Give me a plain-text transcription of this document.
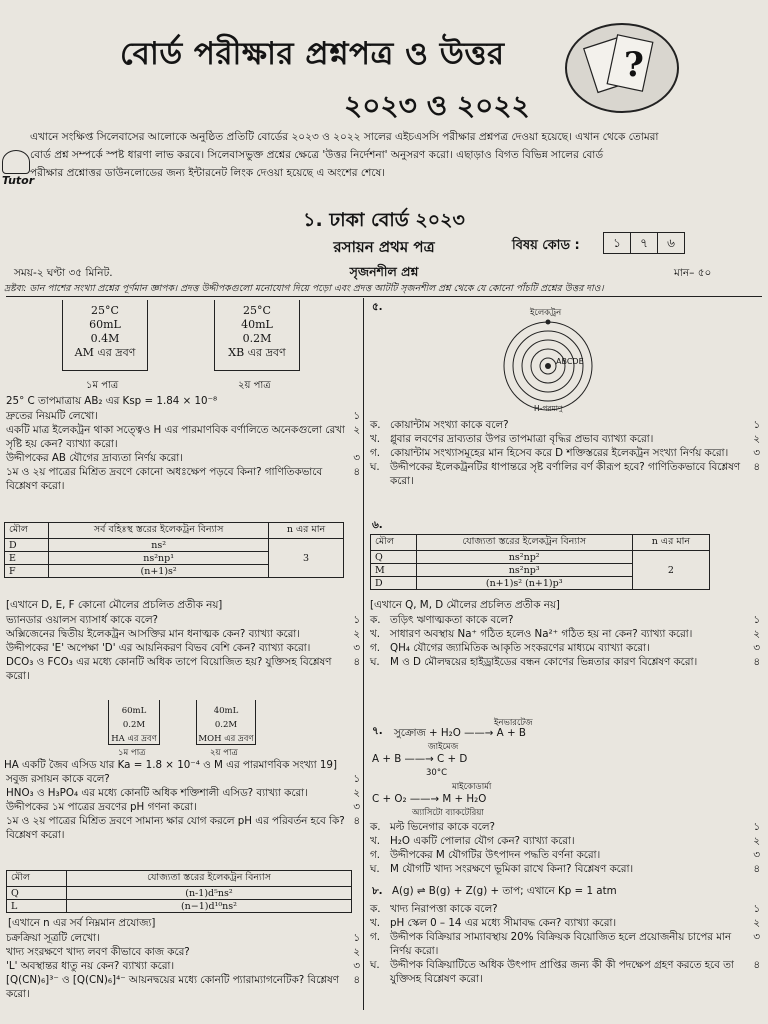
বোর্ড পরীক্ষার প্রশ্নপত্র ও উত্তর
২০২৩ ও ২০২২
?
Tutor
এখানে সংক্ষিপ্ত সিলেবাসের আলোকে অনুষ্ঠিত প্রতিটি বোর্ডের ২০২৩ ও ২০২২ সালের এইচএসসি পরীক্ষার প্রশ্নপত্র দেওয়া হয়েছে। এখান থেকে তোমরা
বোর্ড প্রশ্ন সম্পর্কে স্পষ্ট ধারণা লাভ করবে। সিলেবাসভুক্ত প্রশ্নের ক্ষেত্রে 'উত্তর নির্দেশনা' অনুসরণ করো। এছাড়াও বিগত বিভিন্ন সালের বোর্ড
পরীক্ষার প্রশ্নোত্তর ডাউনলোডের জন্য ইন্টারনেট লিংক দেওয়া হয়েছে এ অংশের শেষে।
১. ঢাকা বোর্ড ২০২৩
রসায়ন প্রথম পত্র	বিষয় কোড :	১	৭	৬
সৃজনশীল প্রশ্ন
সময়-২ ঘণ্টা ৩৫ মিনিট.	মান– ৫০
দ্রষ্টব্য: ডান পাশের সংখ্যা প্রশ্নের পূর্ণমান জ্ঞাপক। প্রদত্ত উদ্দীপকগুলো মনোযোগ দিয়ে পড়ো এবং প্রদত্ত আটটি সৃজনশীল প্রশ্ন থেকে যে কোনো পাঁচটি প্রশ্নের উত্তর দাও।
25°C
60mL
0.4M
AM এর দ্রবণ
১ম পাত্র
25°C
40mL
0.2M
XB এর দ্রবণ
২য় পাত্র
25° C তাপমাত্রায় AB₂ এর Ksp = 1.84 × 10⁻⁸
দ্রুতের নিয়মটি লেখো।	১
একটি মাত্র ইলেকট্রন থাকা সত্ত্বেও H এর পারমাণবিক বর্ণালিতে অনেকগুলো রেখা সৃষ্টি হয় কেন? ব্যাখ্যা করো।
২
উদ্দীপকের AB যৌগের দ্রাব্যতা নির্ণয় করো।	৩
১ম ও ২য় পাত্রের মিশ্রিত দ্রবণে কোনো অধঃক্ষেপ পড়বে কিনা? গাণিতিকভাবে বিশ্লেষণ করো।
৪
মৌল	সর্ব বহিঃস্থ স্তরের ইলেকট্রন বিন্যাস	n এর মান
D	ns²	3
E	ns²np¹	
F	(n+1)s²	
[এখানে D, E, F কোনো মৌলের প্রচলিত প্রতীক নয়]
ভ্যানডার ওয়ালস ব্যাসার্ধ কাকে বলে?	১
অক্সিজেনের দ্বিতীয় ইলেকট্রন আসক্তির মান ধনাত্মক কেন? ব্যাখ্যা করো।	২
উদ্দীপকের 'E' অপেক্ষা 'D' এর আয়নিকরণ বিভব বেশি কেন? ব্যাখ্যা করো।	৩
DCO₃ ও FCO₃ এর মধ্যে কোনটি অধিক তাপে বিয়োজিত হয়? যুক্তিসহ বিশ্লেষণ করো।
৪
60mL
0.2M
HA এর দ্রবণ
১ম পাত্র
40mL
0.2M
MOH এর দ্রবণ
২য় পাত্র
HA একটি জৈব এসিড যার Ka = 1.8 × 10⁻⁴ ও M এর পারমাণবিক সংখ্যা 19]
সবুজ রসায়ন কাকে বলে?	১
HNO₃ ও H₃PO₄ এর মধ্যে কোনটি অধিক শক্তিশালী এসিড? ব্যাখ্যা করো।	২
উদ্দীপকের ১ম পাত্রের দ্রবণের pH গণনা করো।	৩
১ম ও ২য় পাত্রের মিশ্রিত দ্রবণে সামান্য ক্ষার যোগ করলে pH এর পরিবর্তন হবে কি? বিশ্লেষণ করো।
৪
মৌল	যোজ্যতা স্তরের ইলেকট্রন বিন্যাস
Q	(n-1)d⁵ns²
L	(n−1)d¹⁰ns²
[এখানে n এর সর্ব নিম্নমান প্রযোজ্য]
চক্রক্রিয়া সূত্রটি লেখো।	১
খাদ্য সংরক্ষণে খাদ্য লবণ কীভাবে কাজ করে?	২
'L' অবস্থান্তর ধাতু নয় কেন? ব্যাখ্যা করো।	৩
[Q(CN)₆]³⁻ ও [Q(CN)₆]⁴⁻ আয়নদ্বয়ের মধ্যে কোনটি প্যারাম্যাগনেটিক? বিশ্লেষণ করো।
৪
৫.	ইলেকট্রন
ABCDE
H-পরমাণু
ক. কোয়ান্টাম সংখ্যা কাকে বলে?	১
খ. গ্লুবার লবণের দ্রাব্যতার উপর তাপমাত্রা বৃদ্ধির প্রভাব ব্যাখ্যা করো।	২
গ. কোয়ান্টাম সংখ্যাসমূহের মান হিসেব করে D শক্তিস্তরের ইলেকট্রন সংখ্যা নির্ণয় করো।	৩
ঘ.	উদ্দীপকের ইলেকট্রনটির ধাপান্তরে সৃষ্ট বর্ণালির বর্ণ কীরূপ হবে? গাণিতিকভাবে বিশ্লেষণ করো।
৪
৬.
মৌল	যোজ্যতা স্তরের ইলেকট্রন বিন্যাস	n এর মান
Q	ns²np²	2
M	ns²np³	
D	(n+1)s² (n+1)p³	
[এখানে Q, M, D মৌলের প্রচলিত প্রতীক নয়]
ক. তড়িৎ ঋণাত্মকতা কাকে বলে?	১
খ. সাধারণ অবস্থায় Na⁺ গঠিত হলেও Na²⁺ গঠিত হয় না কেন? ব্যাখ্যা করো।	২
গ. QH₄ যৌগের জ্যামিতিক আকৃতি সংকরণের মাধ্যমে ব্যাখ্যা করো।	৩
ঘ.	M ও D মৌলদ্বয়ের হাইড্রাইডের বন্ধন কোণের ভিন্নতার কারণ বিশ্লেষণ করো।	৪
৭.
ইনভারটেজ
সুক্রোজ + H₂O ——→ A + B
জাইমেজ
A + B ——→ C + D
30°C
মাইকোডার্মা
C + O₂ ——→ M + H₂O
অ্যাসিটো ব্যাকটেরিয়া
ক. মল্ট ভিনেগার কাকে বলে?	১
খ. H₂O একটি পোলার যৌগ কেন? ব্যাখ্যা করো।	২
গ. উদ্দীপকের M যৌগটির উৎপাদন পদ্ধতি বর্ণনা করো।	৩
ঘ.	M যৌগটি খাদ্য সংরক্ষণে ভূমিকা রাখে কিনা? বিশ্লেষণ করো।	৪
৮. A(g) ⇌ B(g) + Z(g) + তাপ; এখানে Kp = 1 atm
ক. খাদ্য নিরাপত্তা কাকে বলে?	১
খ. pH স্কেল 0 – 14 এর মধ্যে সীমাবদ্ধ কেন? ব্যাখ্যা করো।	২
গ. উদ্দীপক বিক্রিয়ার সাম্যাবস্থায় 20% বিক্রিয়ক বিয়োজিত হলে প্রয়োজনীয় চাপের মান নির্ণয় করো।
৩
ঘ.	উদ্দীপক বিক্রিয়াটিতে অধিক উৎপাদ প্রাপ্তির জন্য কী কী পদক্ষেপ গ্রহণ করতে হবে তা যুক্তিসহ বিশ্লেষণ করো।
৪
